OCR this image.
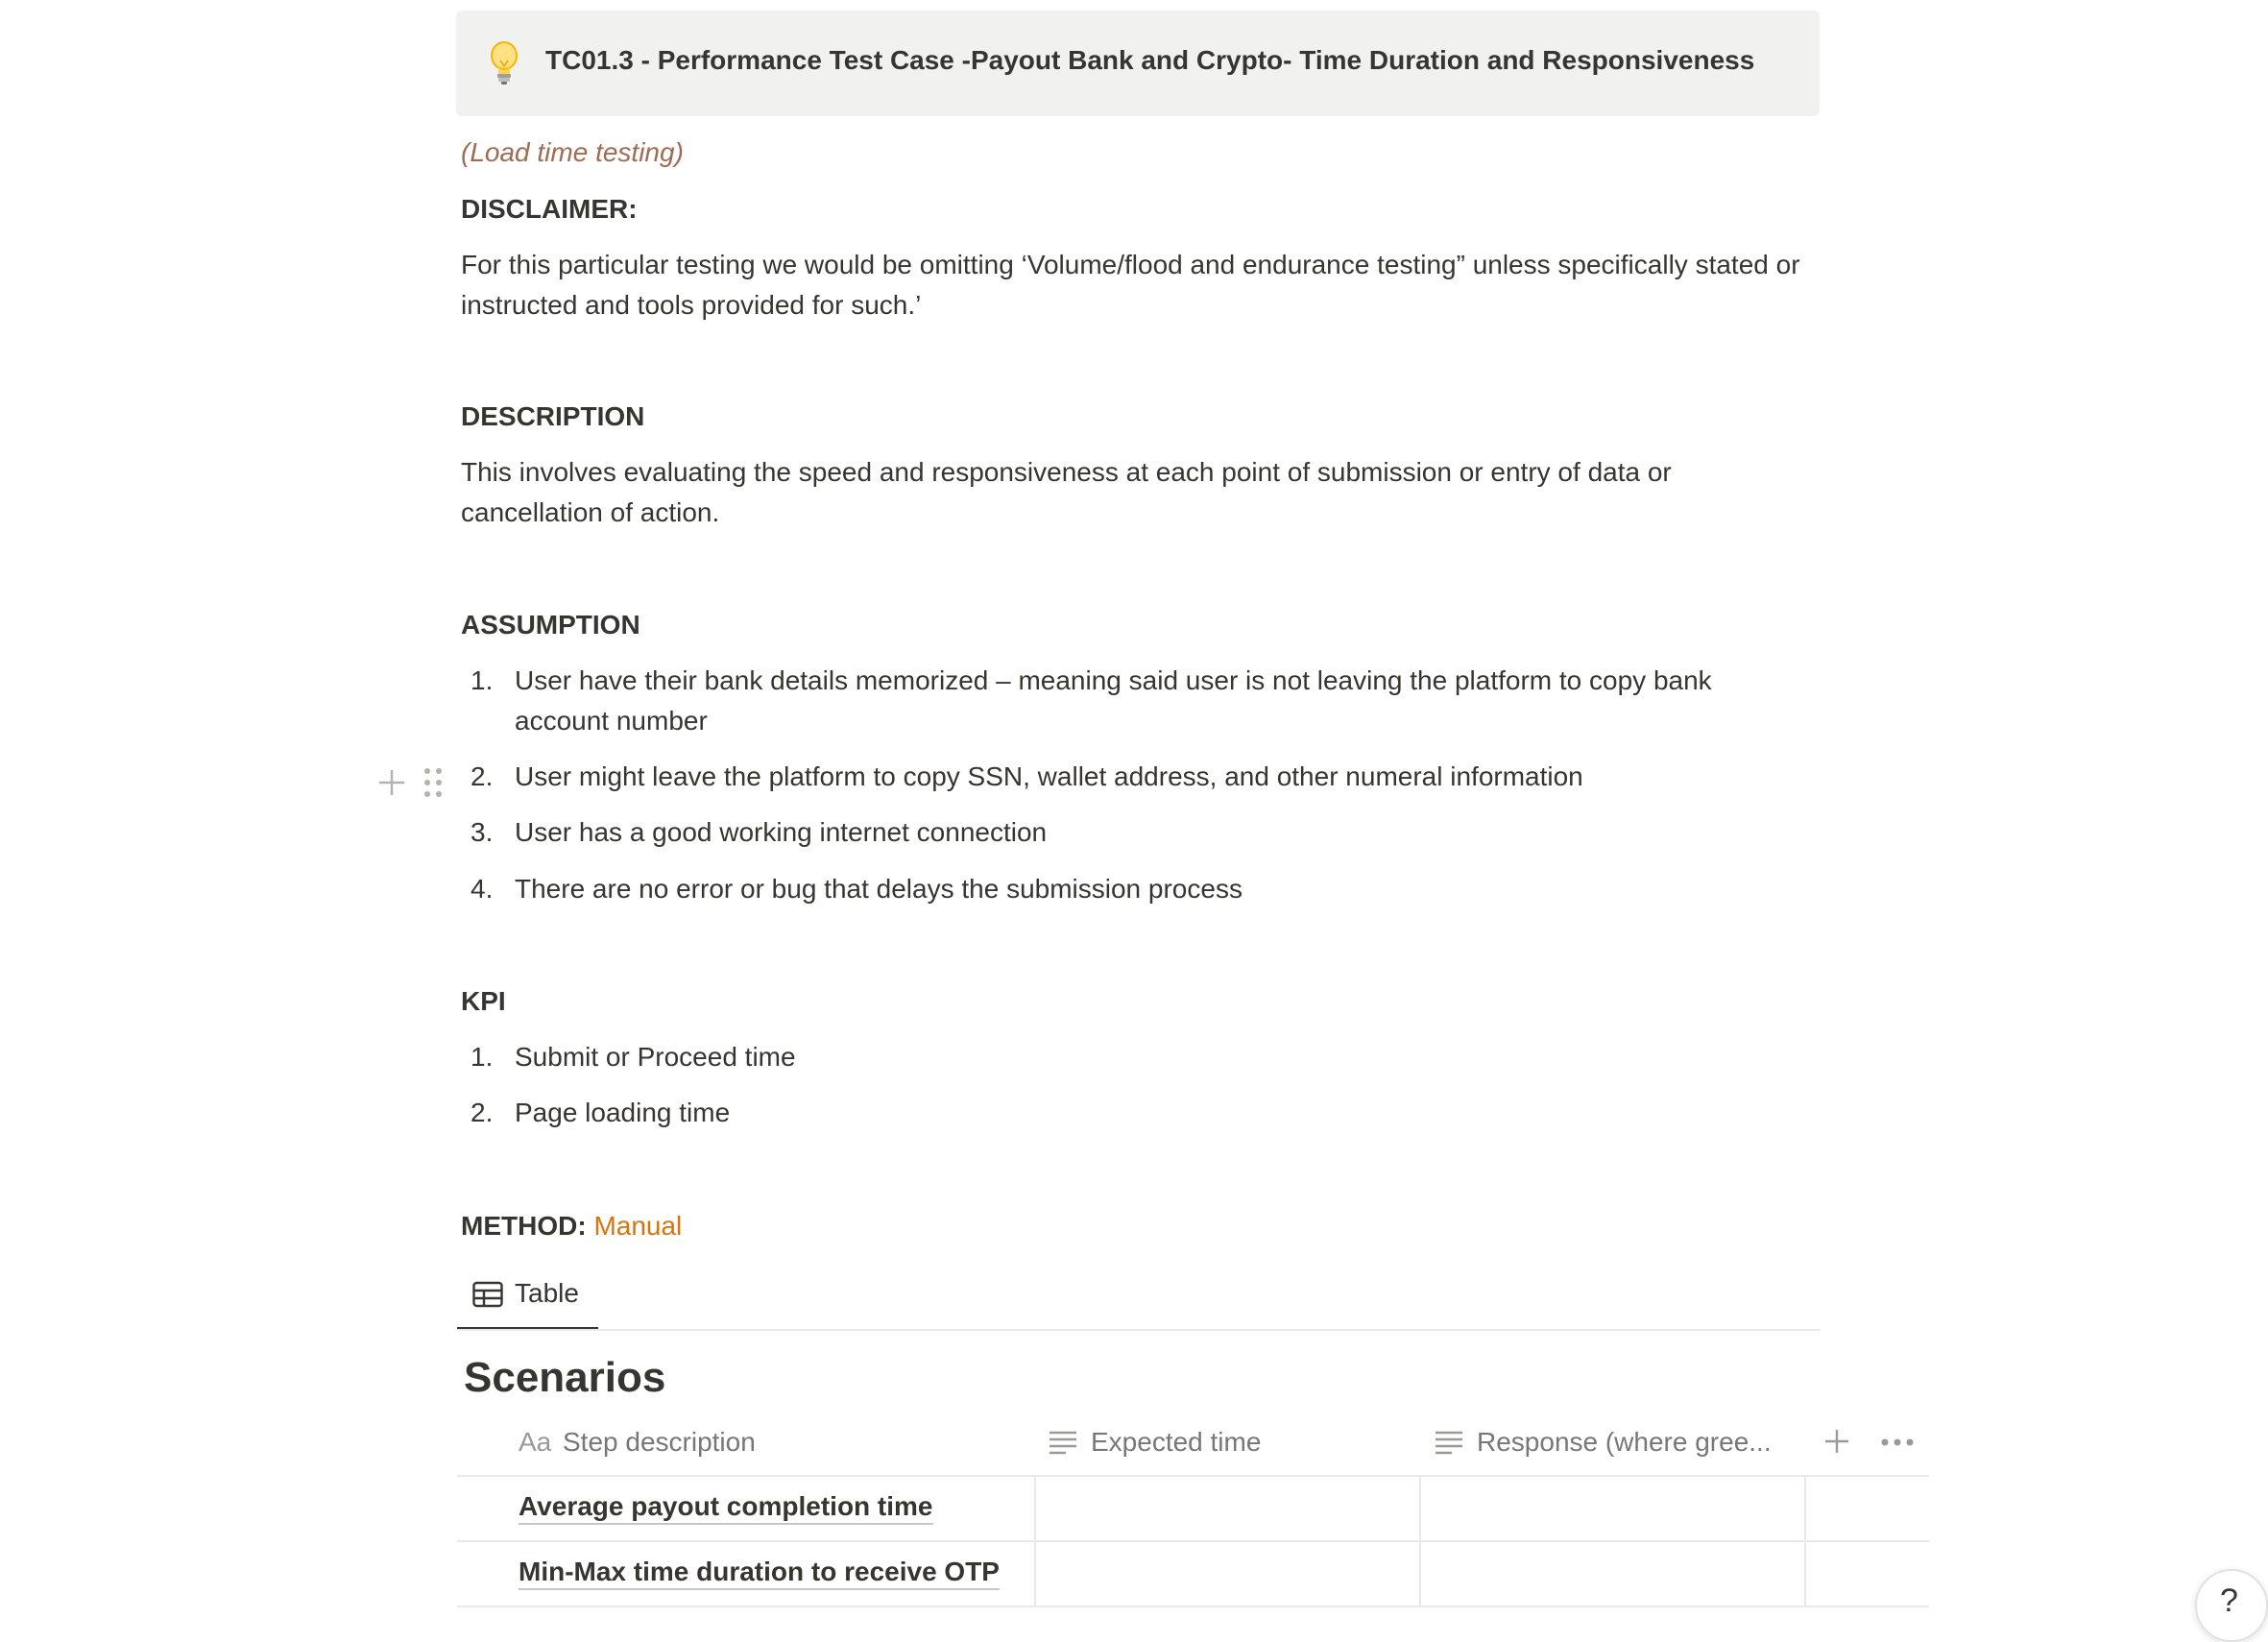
TC01.3 - Performance Test Case -Payout Bank and Crypto- Time Duration and Responsiveness
(Load time testing)
DISCLAIMER:
For this particular testing we would be omitting ‘Volume/flood and endurance testing” unless specifically stated or instructed and tools provided for such.’
DESCRIPTION
This involves evaluating the speed and responsiveness at each point of submission or entry of data or cancellation of action.
ASSUMPTION
1. User have their bank details memorized – meaning said user is not leaving the platform to copy bank account number
2. User might leave the platform to copy SSN, wallet address, and other numeral information
3. User has a good working internet connection
4. There are no error or bug that delays the submission process
KPI
1. Submit or Proceed time
2. Page loading time
METHOD: Manual
Table
Scenarios
Aa Step description	Expected time	Response (where gree...
Average payout completion time
Min-Max time duration to receive OTP
?
